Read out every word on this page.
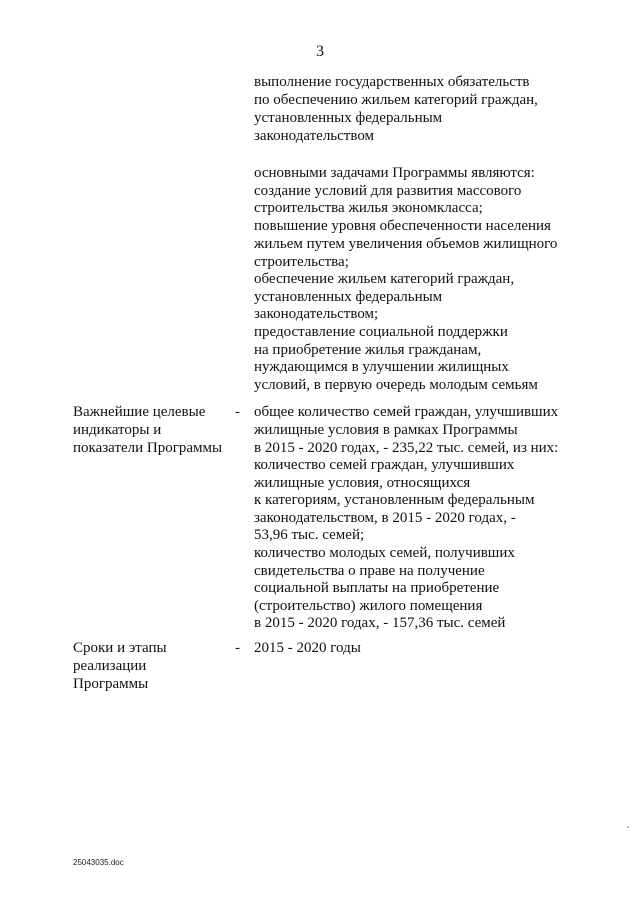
3
выполнение государственных обязательств
по обеспечению жильем категорий граждан,
установленных федеральным
законодательством
основными задачами Программы являются:
создание условий для развития массового
строительства жилья экономкласса;
повышение уровня обеспеченности населения
жильем путем увеличения объемов жилищного
строительства;
обеспечение жильем категорий граждан,
установленных федеральным
законодательством;
предоставление социальной поддержки
на приобретение жилья гражданам,
нуждающимся в улучшении жилищных
условий, в первую очередь молодым семьям
Важнейшие целевые
индикаторы и
показатели Программы
- общее количество семей граждан, улучшивших
жилищные условия в рамках Программы
в 2015 - 2020 годах, - 235,22 тыс. семей, из них:
количество семей граждан, улучшивших
жилищные условия, относящихся
к категориям, установленным федеральным
законодательством, в 2015 - 2020 годах, -
53,96 тыс. семей;
количество молодых семей, получивших
свидетельства о праве на получение
социальной выплаты на приобретение
(строительство) жилого помещения
в 2015 - 2020 годах, - 157,36 тыс. семей
Сроки и этапы
реализации
Программы
- 2015 - 2020 годы
25043035.doc
